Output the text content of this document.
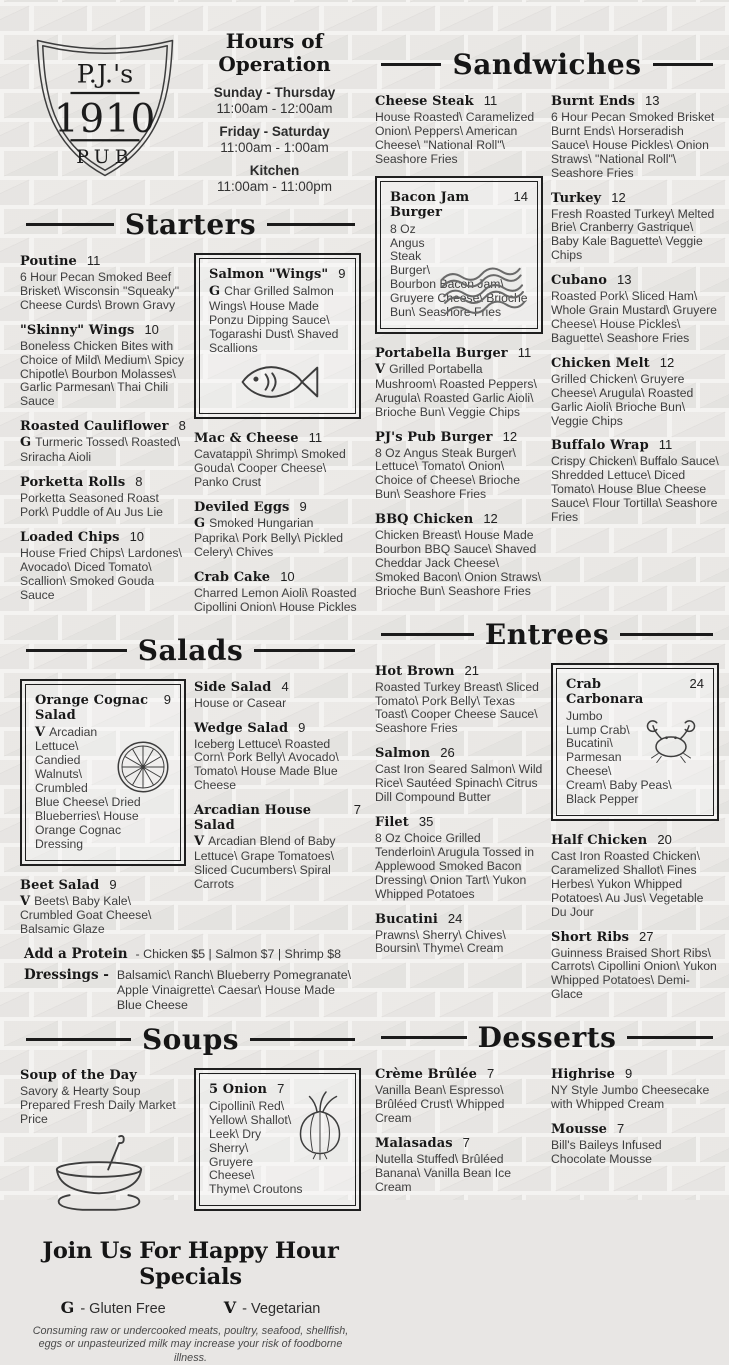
P.J.'s
1910
PUB
Hours of Operation
Sunday - Thursday
11:00am - 12:00am
Friday - Saturday
11:00am - 1:00am
Kitchen
11:00am - 11:00pm
Starters
Poutine 11
6 Hour Pecan Smoked Beef Brisket\ Wisconsin "Squeaky" Cheese Curds\ Brown Gravy
"Skinny" Wings 10
Boneless Chicken Bites with Choice of Mild\ Medium\ Spicy Chipotle\ Bourbon Molasses\ Garlic Parmesan\ Thai Chili Sauce
Roasted Cauliflower 8
G Turmeric Tossed\ Roasted\ Sriracha Aioli
Porketta Rolls 8
Porketta Seasoned Roast Pork\ Puddle of Au Jus Lie
Loaded Chips 10
House Fried Chips\ Lardones\ Avocado\ Diced Tomato\ Scallion\ Smoked Gouda Sauce
Salmon "Wings" 9
G Char Grilled Salmon Wings\ House Made Ponzu Dipping Sauce\ Togarashi Dust\ Shaved Scallions
Mac & Cheese 11
Cavatappi\ Shrimp\ Smoked Gouda\ Cooper Cheese\ Panko Crust
Deviled Eggs 9
G Smoked Hungarian Paprika\ Pork Belly\ Pickled Celery\ Chives
Crab Cake 10
Charred Lemon Aioli\ Roasted Cipollini Onion\ House Pickles
Salads
Orange Cognac Salad
9
V Arcadian Lettuce\ Candied Walnuts\ Crumbled Blue Cheese\ Dried Blueberries\ House Orange Cognac Dressing
Beet Salad 9
V Beets\ Baby Kale\ Crumbled Goat Cheese\ Balsamic Glaze
Side Salad 4
House or Casear
Wedge Salad 9
Iceberg Lettuce\ Roasted Corn\ Pork Belly\ Avocado\ Tomato\ House Made Blue Cheese
Arcadian House Salad
7
V Arcadian Blend of Baby Lettuce\ Grape Tomatoes\ Sliced Cucumbers\ Spiral Carrots
Add a Protein - Chicken $5 | Salmon $7 | Shrimp $8
Dressings - Balsamic\ Ranch\ Blueberry Pomegranate\ Apple Vinaigrette\ Caesar\ House Made Blue Cheese
Soups
Soup of the Day
Savory & Hearty Soup Prepared Fresh Daily Market Price
5 Onion 7
Cipollini\ Red\ Yellow\ Shallot\ Leek\ Dry Sherry\ Gruyere Cheese\ Thyme\ Croutons
Join Us For Happy Hour Specials
G - Gluten Free	V - Vegetarian
Consuming raw or undercooked meats, poultry, seafood, shellfish, eggs or unpasteurized milk may increase your risk of foodborne illness.
Sandwiches
Cheese Steak 11
House Roasted\ Caramelized Onion\ Peppers\ American Cheese\ "National Roll"\ Seashore Fries
Bacon Jam Burger
14
8 Oz Angus Steak Burger\ Bourbon Bacon Jam\ Gruyere Cheese\ Brioche Bun\ Seashore Fries
Portabella Burger 11
V Grilled Portabella Mushroom\ Roasted Peppers\ Arugula\ Roasted Garlic Aioli\ Brioche Bun\ Veggie Chips
PJ's Pub Burger 12
8 Oz Angus Steak Burger\ Lettuce\ Tomato\ Onion\ Choice of Cheese\ Brioche Bun\ Seashore Fries
BBQ Chicken 12
Chicken Breast\ House Made Bourbon BBQ Sauce\ Shaved Cheddar Jack Cheese\ Smoked Bacon\ Onion Straws\ Brioche Bun\ Seashore Fries
Burnt Ends 13
6 Hour Pecan Smoked Brisket Burnt Ends\ Horseradish Sauce\ House Pickles\ Onion Straws\ "National Roll"\ Seashore Fries
Turkey 12
Fresh Roasted Turkey\ Melted Brie\ Cranberry Gastrique\ Baby Kale Baguette\ Veggie Chips
Cubano 13
Roasted Pork\ Sliced Ham\ Whole Grain Mustard\ Gruyere Cheese\ House Pickles\ Baguette\ Seashore Fries
Chicken Melt 12
Grilled Chicken\ Gruyere Cheese\ Arugula\ Roasted Garlic Aioli\ Brioche Bun\ Veggie Chips
Buffalo Wrap 11
Crispy Chicken\ Buffalo Sauce\ Shredded Lettuce\ Diced Tomato\ House Blue Cheese Sauce\ Flour Tortilla\ Seashore Fries
Entrees
Hot Brown 21
Roasted Turkey Breast\ Sliced Tomato\ Pork Belly\ Texas Toast\ Cooper Cheese Sauce\ Seashore Fries
Salmon 26
Cast Iron Seared Salmon\ Wild Rice\ Sautéed Spinach\ Citrus Dill Compound Butter
Filet 35
8 Oz Choice Grilled Tenderloin\ Arugula Tossed in Applewood Smoked Bacon Dressing\ Onion Tart\ Yukon Whipped Potatoes
Bucatini 24
Prawns\ Sherry\ Chives\ Boursin\ Thyme\ Cream
Crab Carbonara
24
Jumbo Lump Crab\ Bucatini\ Parmesan Cheese\ Cream\ Baby Peas\ Black Pepper
Half Chicken 20
Cast Iron Roasted Chicken\ Caramelized Shallot\ Fines Herbes\ Yukon Whipped Potatoes\ Au Jus\ Vegetable Du Jour
Short Ribs 27
Guinness Braised Short Ribs\ Carrots\ Cipollini Onion\ Yukon Whipped Potatoes\ Demi-Glace
Desserts
Crème Brûlée 7
Vanilla Bean\ Espresso\ Brûléed Crust\ Whipped Cream
Malasadas 7
Nutella Stuffed\ Brûléed Banana\ Vanilla Bean Ice Cream
Highrise 9
NY Style Jumbo Cheesecake with Whipped Cream
Mousse 7
Bill's Baileys Infused Chocolate Mousse
